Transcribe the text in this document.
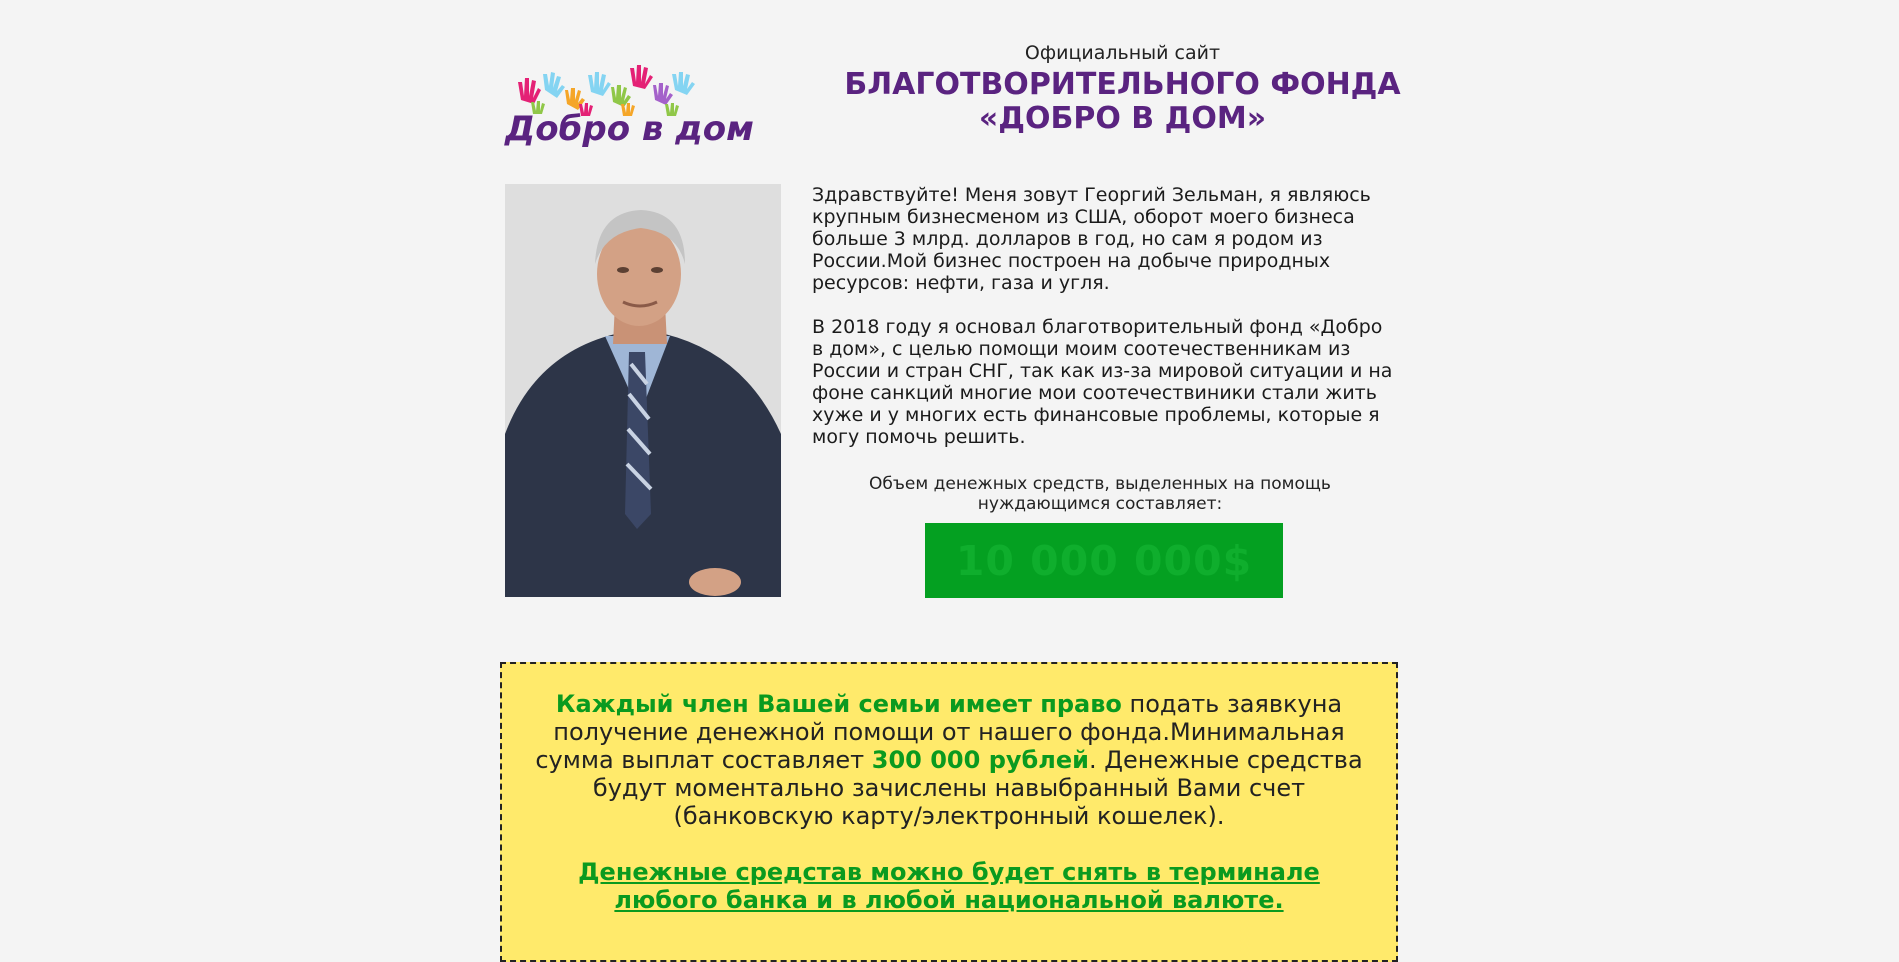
Добро в дом

Официальный сайт

БЛАГОТВОРИТЕЛЬНОГО ФОНДА

«ДОБРО В ДОМ»

Здравствуйте! Меня зовут Георгий Зельман, я являюсь крупным бизнесменом из США, оборот моего бизнеса больше 3 млрд. долларов в год, но сам я родом из России.Мой бизнес построен на добыче природных ресурсов: нефти, газа и угля.

В 2018 году я основал благотворительный фонд «Добро в дом», с целью помощи моим соотечественникам из России и стран СНГ, так как из-за мировой ситуации и на фоне санкций многие мои соотечествиники стали жить хуже и у многих есть финансовые проблемы, которые я могу помочь решить.

Объем денежных средств, выделенных на помощь нуждающимся составляет:
10 000 000$

Каждый член Вашей семьи имеет право подать заявкуна получение денежной помощи от нашего фонда.Минимальная сумма выплат составляет 300 000 рублей. Денежные средства будут моментально зачислены навыбранный Вами счет (банковскую карту/электронный кошелек).

Денежные средстав можно будет снять в терминале любого банка и в любой национальной валюте.
